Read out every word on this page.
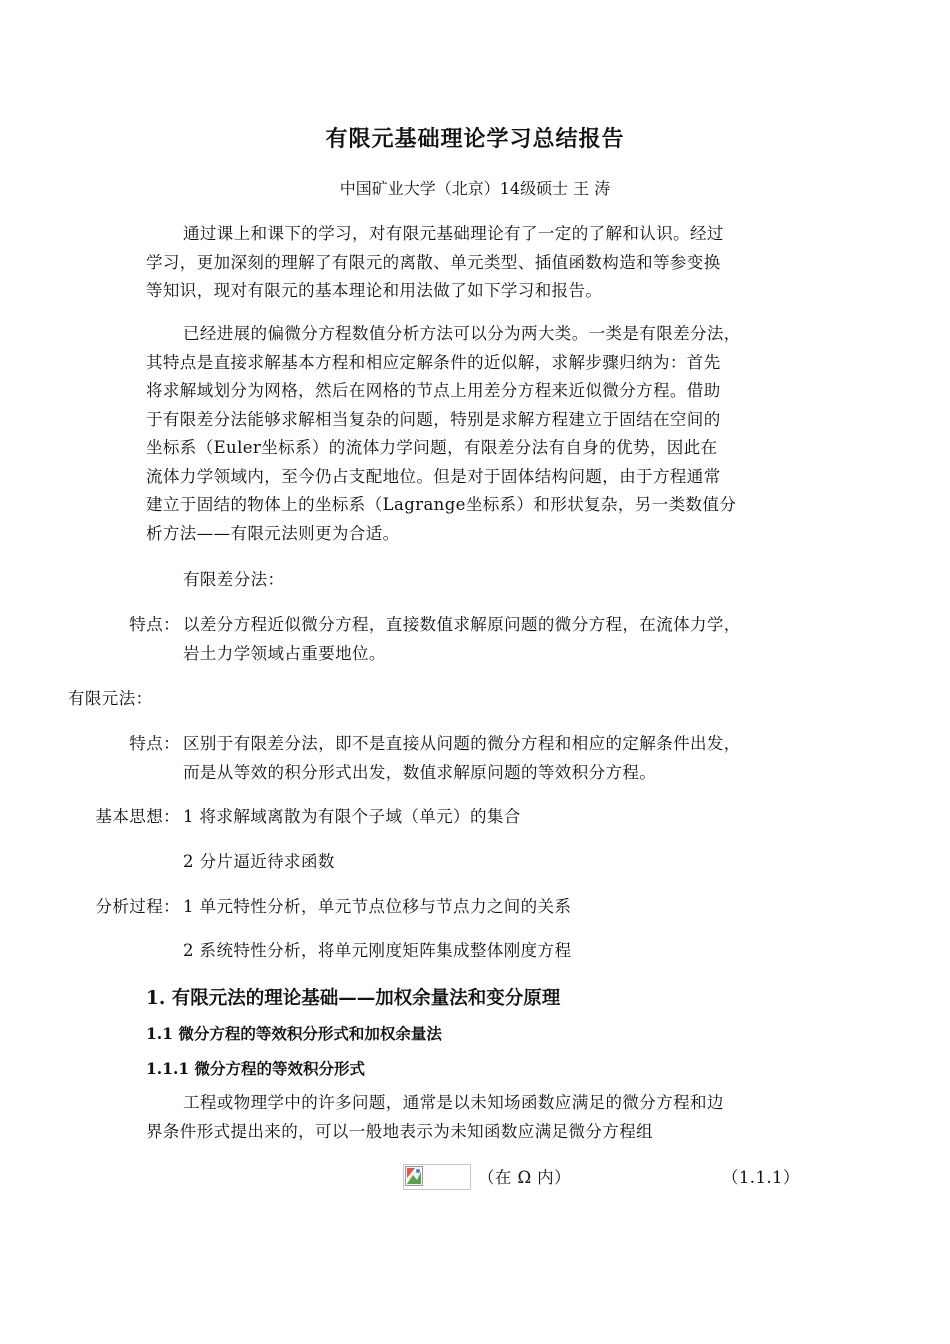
有限元基础理论学习总结报告
中国矿业大学（北京）14级硕士 王 涛
通过课上和课下的学习，对有限元基础理论有了一定的了解和认识。经过
学习，更加深刻的理解了有限元的离散、单元类型、插值函数构造和等参变换
等知识，现对有限元的基本理论和用法做了如下学习和报告。
已经进展的偏微分方程数值分析方法可以分为两大类。一类是有限差分法，
其特点是直接求解基本方程和相应定解条件的近似解，求解步骤归纳为：首先
将求解域划分为网格，然后在网格的节点上用差分方程来近似微分方程。借助
于有限差分法能够求解相当复杂的问题，特别是求解方程建立于固结在空间的
坐标系（Euler坐标系）的流体力学问题，有限差分法有自身的优势，因此在
流体力学领域内，至今仍占支配地位。但是对于固体结构问题，由于方程通常
建立于固结的物体上的坐标系（Lagrange坐标系）和形状复杂，另一类数值分
析方法——有限元法则更为合适。
有限差分法：
特点： 以差分方程近似微分方程，直接数值求解原问题的微分方程，在流体力学，
岩土力学领域占重要地位。
有限元法：
特点： 区别于有限差分法，即不是直接从问题的微分方程和相应的定解条件出发，
而是从等效的积分形式出发，数值求解原问题的等效积分方程。
基本思想： 1 将求解域离散为有限个子域（单元）的集合
2 分片逼近待求函数
分析过程： 1 单元特性分析，单元节点位移与节点力之间的关系
2 系统特性分析，将单元刚度矩阵集成整体刚度方程
1. 有限元法的理论基础——加权余量法和变分原理
1.1 微分方程的等效积分形式和加权余量法
1.1.1 微分方程的等效积分形式
工程或物理学中的许多问题，通常是以未知场函数应满足的微分方程和边
界条件形式提出来的，可以一般地表示为未知函数应满足微分方程组
（在 Ω 内）	（1.1.1）
